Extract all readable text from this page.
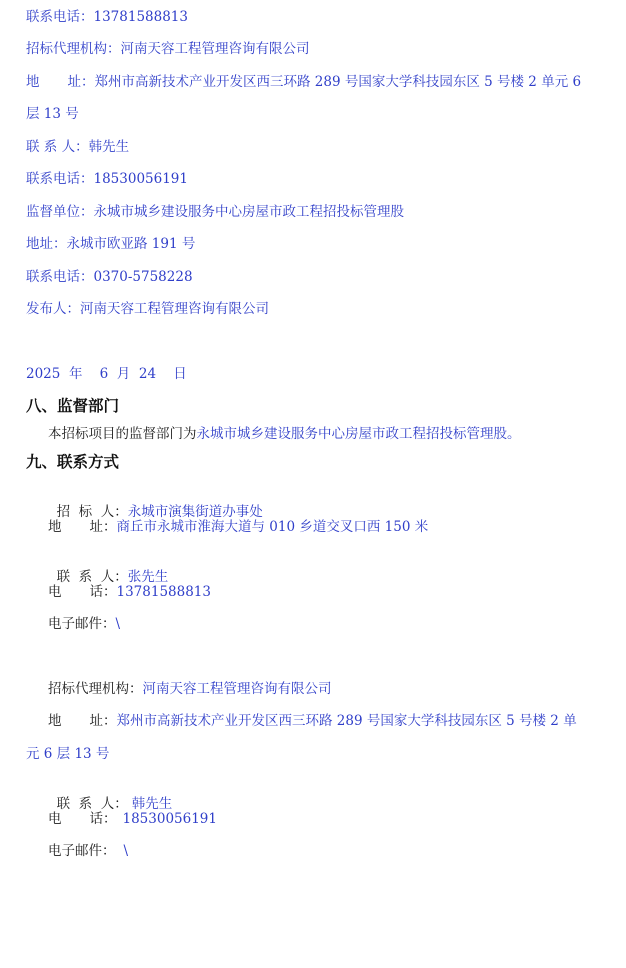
联系电话：13781588813
招标代理机构：河南天容工程管理咨询有限公司
地 址：郑州市高新技术产业开发区西三环路 289 号国家大学科技园东区 5 号楼 2 单元 6
层 13 号
联 系 人：韩先生
联系电话：18530056191
监督单位：永城市城乡建设服务中心房屋市政工程招投标管理股
地址：永城市欧亚路 191 号
联系电话：0370-5758228
发布人：河南天容工程管理咨询有限公司
2025  年    6  月  24    日
八、监督部门
本招标项目的监督部门为永城市城乡建设服务中心房屋市政工程招投标管理股。
九、联系方式

招  标  人：永城市演集街道办事处

地 址：商丘市永城市淮海大道与 010 乡道交叉口西 150 米

联  系  人：张先生

电 话：13781588813
电子邮件：\
招标代理机构：河南天容工程管理咨询有限公司
地 址：郑州市高新技术产业开发区西三环路 289 号国家大学科技园东区 5 号楼 2 单
元 6 层 13 号

联  系  人： 韩先生

电 话： 18530056191
电子邮件： \
